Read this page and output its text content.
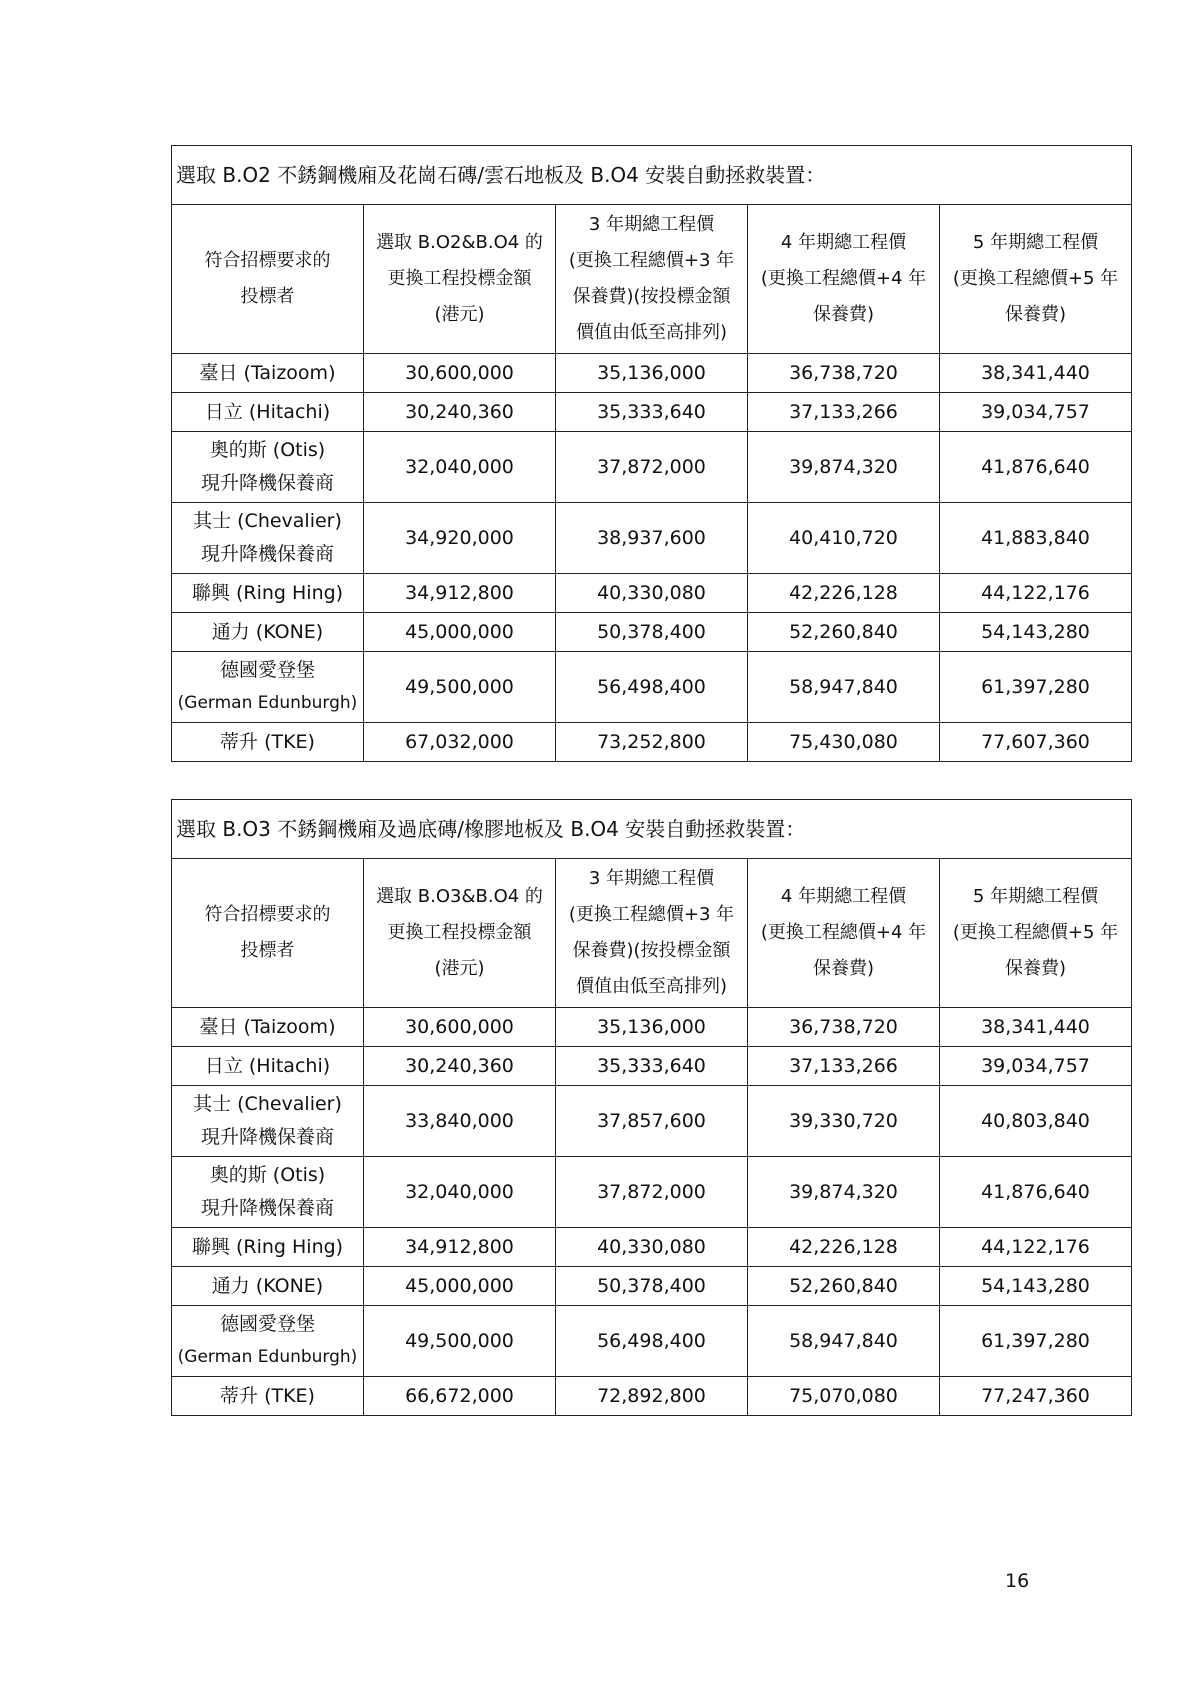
選取 B.O2 不銹鋼機廂及花崗石磚/雲石地板及 B.O4 安裝自動拯救裝置：				
符合招標要求的
投標者	選取 B.O2&B.O4 的
更換工程投標金額
(港元)	3 年期總工程價
(更換工程總價+3 年
保養費)(按投標金額
價值由低至高排列)	4 年期總工程價
(更換工程總價+4 年
保養費)	5 年期總工程價
(更換工程總價+5 年
保養費)

臺日 (Taizoom)	30,600,000	35,136,000	36,738,720	38,341,440

日立 (Hitachi)	30,240,360	35,333,640	37,133,266	39,034,757

奧的斯 (Otis)
現升降機保養商	32,040,000	37,872,000	39,874,320	41,876,640

其士 (Chevalier)
現升降機保養商	34,920,000	38,937,600	40,410,720	41,883,840

聯興 (Ring Hing)	34,912,800	40,330,080	42,226,128	44,122,176

通力 (KONE)	45,000,000	50,378,400	52,260,840	54,143,280

德國愛登堡
(German Edunburgh)	49,500,000	56,498,400	58,947,840	61,397,280

蒂升 (TKE)	67,032,000	73,252,800	75,430,080	77,607,360
選取 B.O3 不銹鋼機廂及過底磚/橡膠地板及 B.O4 安裝自動拯救裝置：				
符合招標要求的
投標者	選取 B.O3&B.O4 的
更換工程投標金額
(港元)	3 年期總工程價
(更換工程總價+3 年
保養費)(按投標金額
價值由低至高排列)	4 年期總工程價
(更換工程總價+4 年
保養費)	5 年期總工程價
(更換工程總價+5 年
保養費)

臺日 (Taizoom)	30,600,000	35,136,000	36,738,720	38,341,440

日立 (Hitachi)	30,240,360	35,333,640	37,133,266	39,034,757

其士 (Chevalier)
現升降機保養商	33,840,000	37,857,600	39,330,720	40,803,840

奧的斯 (Otis)
現升降機保養商	32,040,000	37,872,000	39,874,320	41,876,640

聯興 (Ring Hing)	34,912,800	40,330,080	42,226,128	44,122,176

通力 (KONE)	45,000,000	50,378,400	52,260,840	54,143,280

德國愛登堡
(German Edunburgh)	49,500,000	56,498,400	58,947,840	61,397,280

蒂升 (TKE)	66,672,000	72,892,800	75,070,080	77,247,360
16
